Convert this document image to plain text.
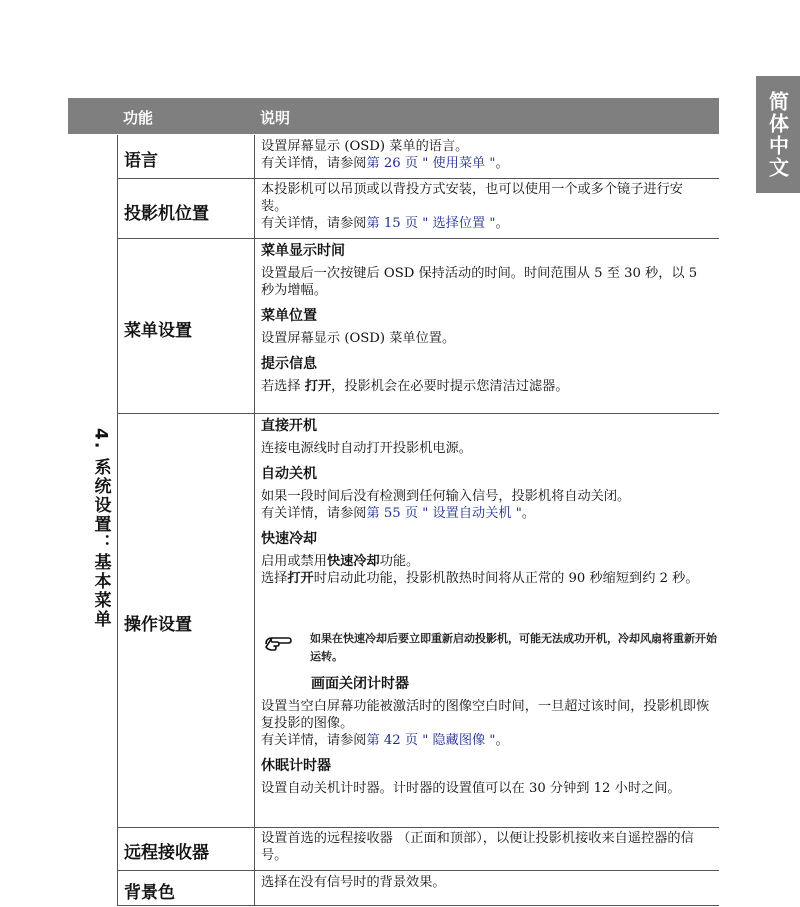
简体中文
4. 系统设置：基本菜单
功能	说明
语言

设置屏幕显示 (OSD) 菜单的语言。

有关详情，请参阅第 26 页 " 使用菜单 "。

投影机位置

本投影机可以吊顶或以背投方式安装，也可以使用一个或多个镜子进行安装。

有关详情，请参阅第 15 页 " 选择位置 "。

菜单设置
菜单显示时间

设置最后一次按键后 OSD 保持活动的时间。时间范围从 5 至 30 秒，以 5 秒为增幅。

菜单位置

设置屏幕显示 (OSD) 菜单位置。

提示信息

若选择 打开，投影机会在必要时提示您清洁过滤器。

操作设置
直接开机

连接电源线时自动打开投影机电源。

自动关机

如果一段时间后没有检测到任何输入信号，投影机将自动关闭。

有关详情，请参阅第 55 页 " 设置自动关机 "。

快速冷却

启用或禁用快速冷却功能。

选择打开时启动此功能，投影机散热时间将从正常的 90 秒缩短到约 2 秒。

如果在快速冷却后要立即重新启动投影机，可能无法成功开机，冷却风扇将重新开始运转。
画面关闭计时器

设置当空白屏幕功能被激活时的图像空白时间，一旦超过该时间，投影机即恢复投影的图像。

有关详情，请参阅第 42 页 " 隐藏图像 "。

休眠计时器

设置自动关机计时器。计时器的设置值可以在 30 分钟到 12 小时之间。

远程接收器

设置首选的远程接收器 （正面和顶部），以便让投影机接收来自遥控器的信号。

背景色

选择在没有信号时的背景效果。
